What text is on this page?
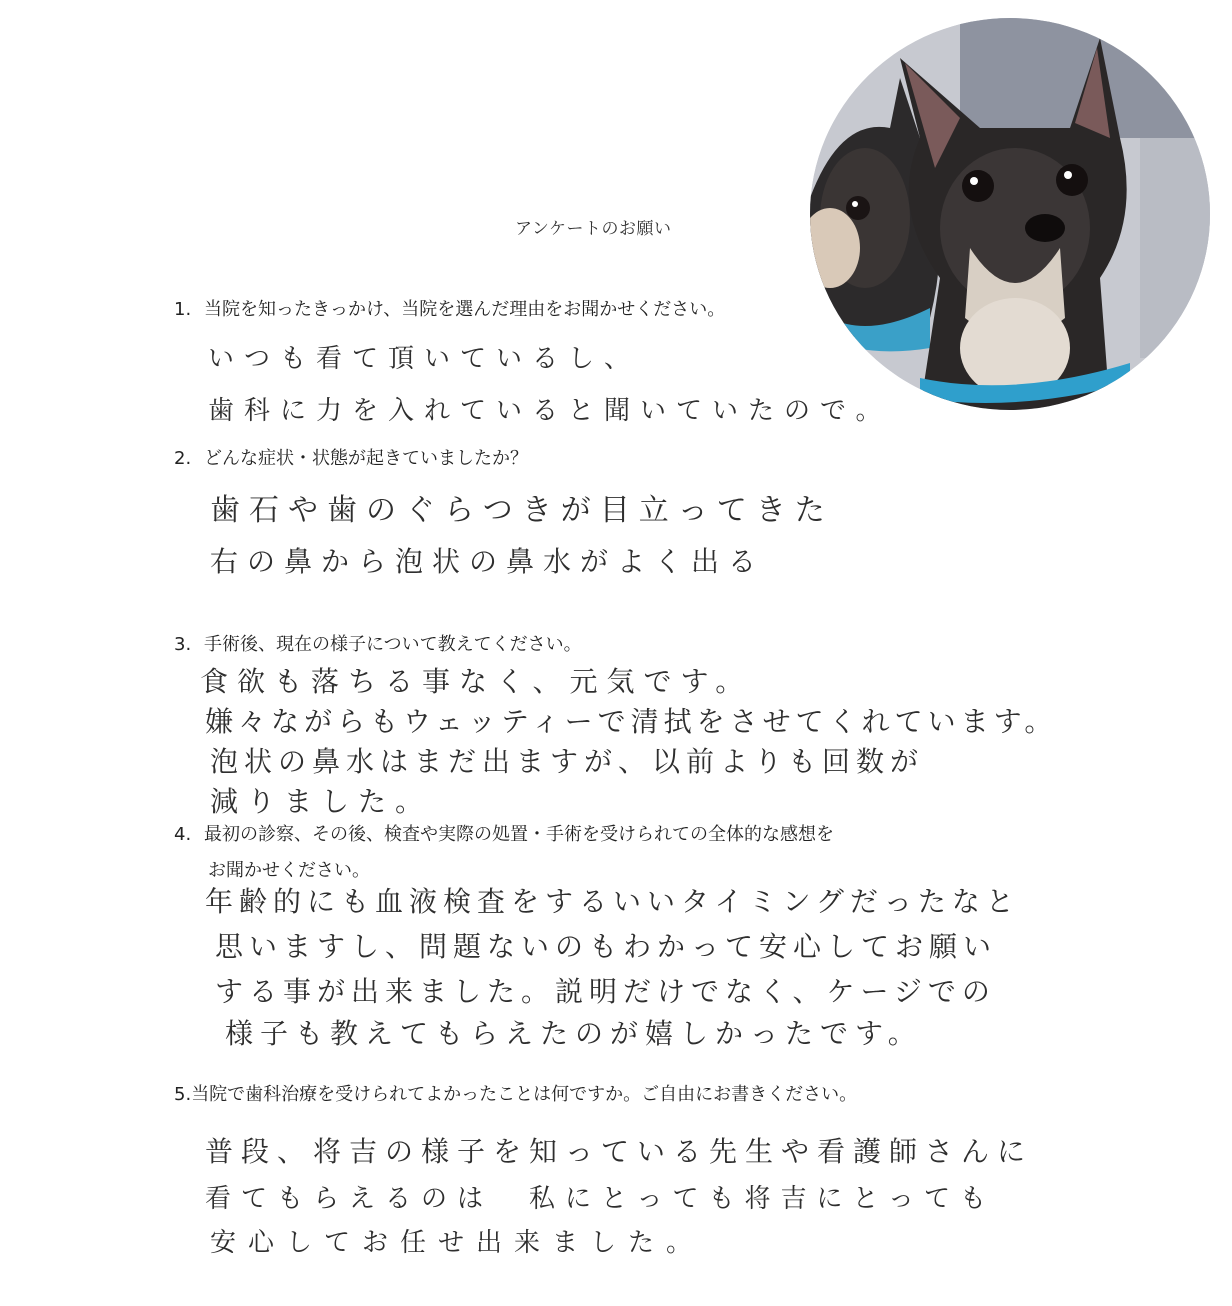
アンケートのお願い
1. 当院を知ったきっかけ、当院を選んだ理由をお聞かせください。
いつも看て頂いているし、
歯科に力を入れていると聞いていたので。
2. どんな症状・状態が起きていましたか？
歯石や歯のぐらつきが目立ってきた
右の鼻から泡状の鼻水がよく出る
3. 手術後、現在の様子について教えてください。
食欲も落ちる事なく、元気です。
嫌々ながらもウェッティーで清拭をさせてくれています。
泡状の鼻水はまだ出ますが、以前よりも回数が
減りました。
4. 最初の診察、その後、検査や実際の処置・手術を受けられての全体的な感想を
お聞かせください。
年齢的にも血液検査をするいいタイミングだったなと
思いますし、問題ないのもわかって安心してお願い
する事が出来ました。説明だけでなく、ケージでの
様子も教えてもらえたのが嬉しかったです。
5.当院で歯科治療を受けられてよかったことは何ですか。ご自由にお書きください。
普段、将吉の様子を知っている先生や看護師さんに
看てもらえるのは　私にとっても将吉にとっても
安心してお任せ出来ました。
